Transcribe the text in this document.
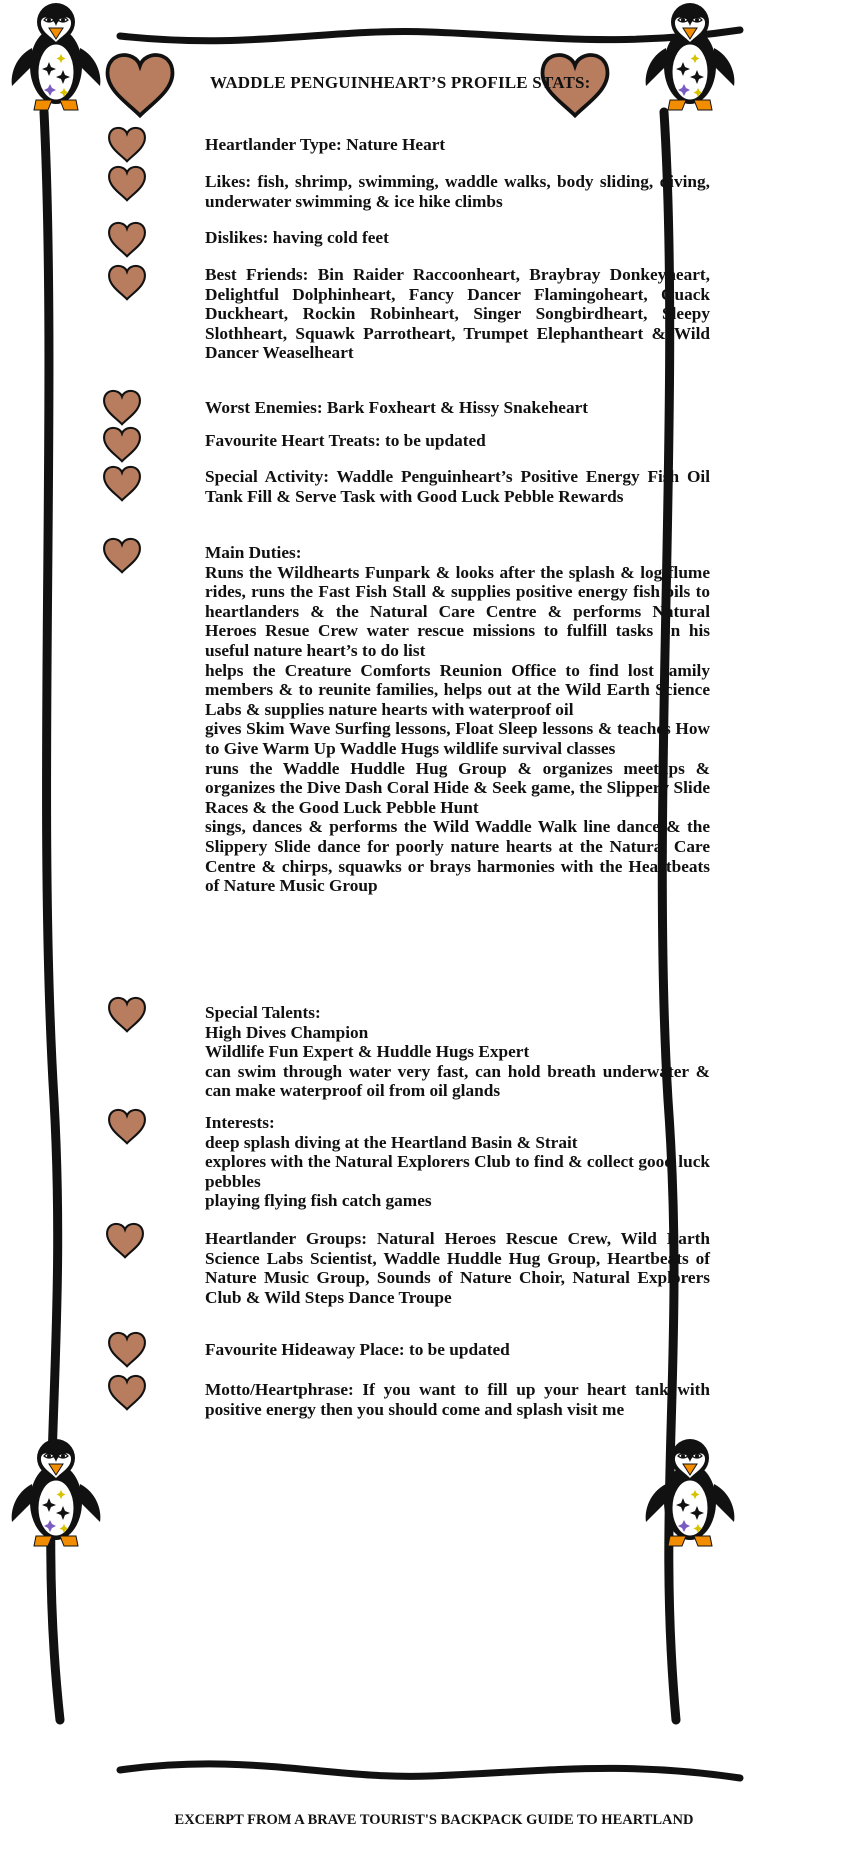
WADDLE PENGUINHEART’S PROFILE STATS:
Heartlander Type: Nature Heart
Likes: fish, shrimp, swimming, waddle walks, body sliding, diving, underwater swimming & ice hike climbs
Dislikes: having cold feet
Best Friends: Bin Raider Raccoonheart, Braybray Donkeyheart, Delightful Dolphinheart, Fancy Dancer Flamingoheart, Quack Duckheart, Rockin Robinheart, Singer Songbirdheart, Sleepy Slothheart, Squawk Parrotheart, Trumpet Elephantheart & Wild Dancer Weaselheart
Worst Enemies: Bark Foxheart & Hissy Snakeheart
Favourite Heart Treats: to be updated
Special Activity: Waddle Penguinheart’s Positive Energy Fish Oil Tank Fill & Serve Task with Good Luck Pebble Rewards
Main Duties:
Runs the Wildhearts Funpark & looks after the splash & log flume rides, runs the Fast Fish Stall & supplies positive energy fish oils to heartlanders & the Natural Care Centre & performs Natural Heroes Resue Crew water rescue missions to fulfill tasks on his useful nature heart’s to do list
helps the Creature Comforts Reunion Office to find lost family members & to reunite families, helps out at the Wild Earth Science Labs & supplies nature hearts with waterproof oil
gives Skim Wave Surfing lessons, Float Sleep lessons & teaches How to Give Warm Up Waddle Hugs wildlife survival classes
runs the Waddle Huddle Hug Group & organizes meetups & organizes the Dive Dash Coral Hide & Seek game, the Slippery Slide Races & the Good Luck Pebble Hunt
sings, dances & performs the Wild Waddle Walk line dance & the Slippery Slide dance for poorly nature hearts at the Natural Care Centre & chirps, squawks or brays harmonies with the Heartbeats of Nature Music Group
Special Talents:
High Dives Champion
Wildlife Fun Expert & Huddle Hugs Expert
can swim through water very fast, can hold breath underwater & can make waterproof oil from oil glands
Interests:
deep splash diving at the Heartland Basin & Strait
explores with the Natural Explorers Club to find & collect good luck pebbles
playing flying fish catch games
Heartlander Groups: Natural Heroes Rescue Crew, Wild Earth Science Labs Scientist, Waddle Huddle Hug Group, Heartbeats of Nature Music Group, Sounds of Nature Choir, Natural Explorers Club & Wild Steps Dance Troupe
Favourite Hideaway Place: to be updated
Motto/Heartphrase: If you want to fill up your heart tank with positive energy then you should come and splash visit me
EXCERPT FROM A BRAVE TOURIST'S BACKPACK GUIDE TO HEARTLAND
